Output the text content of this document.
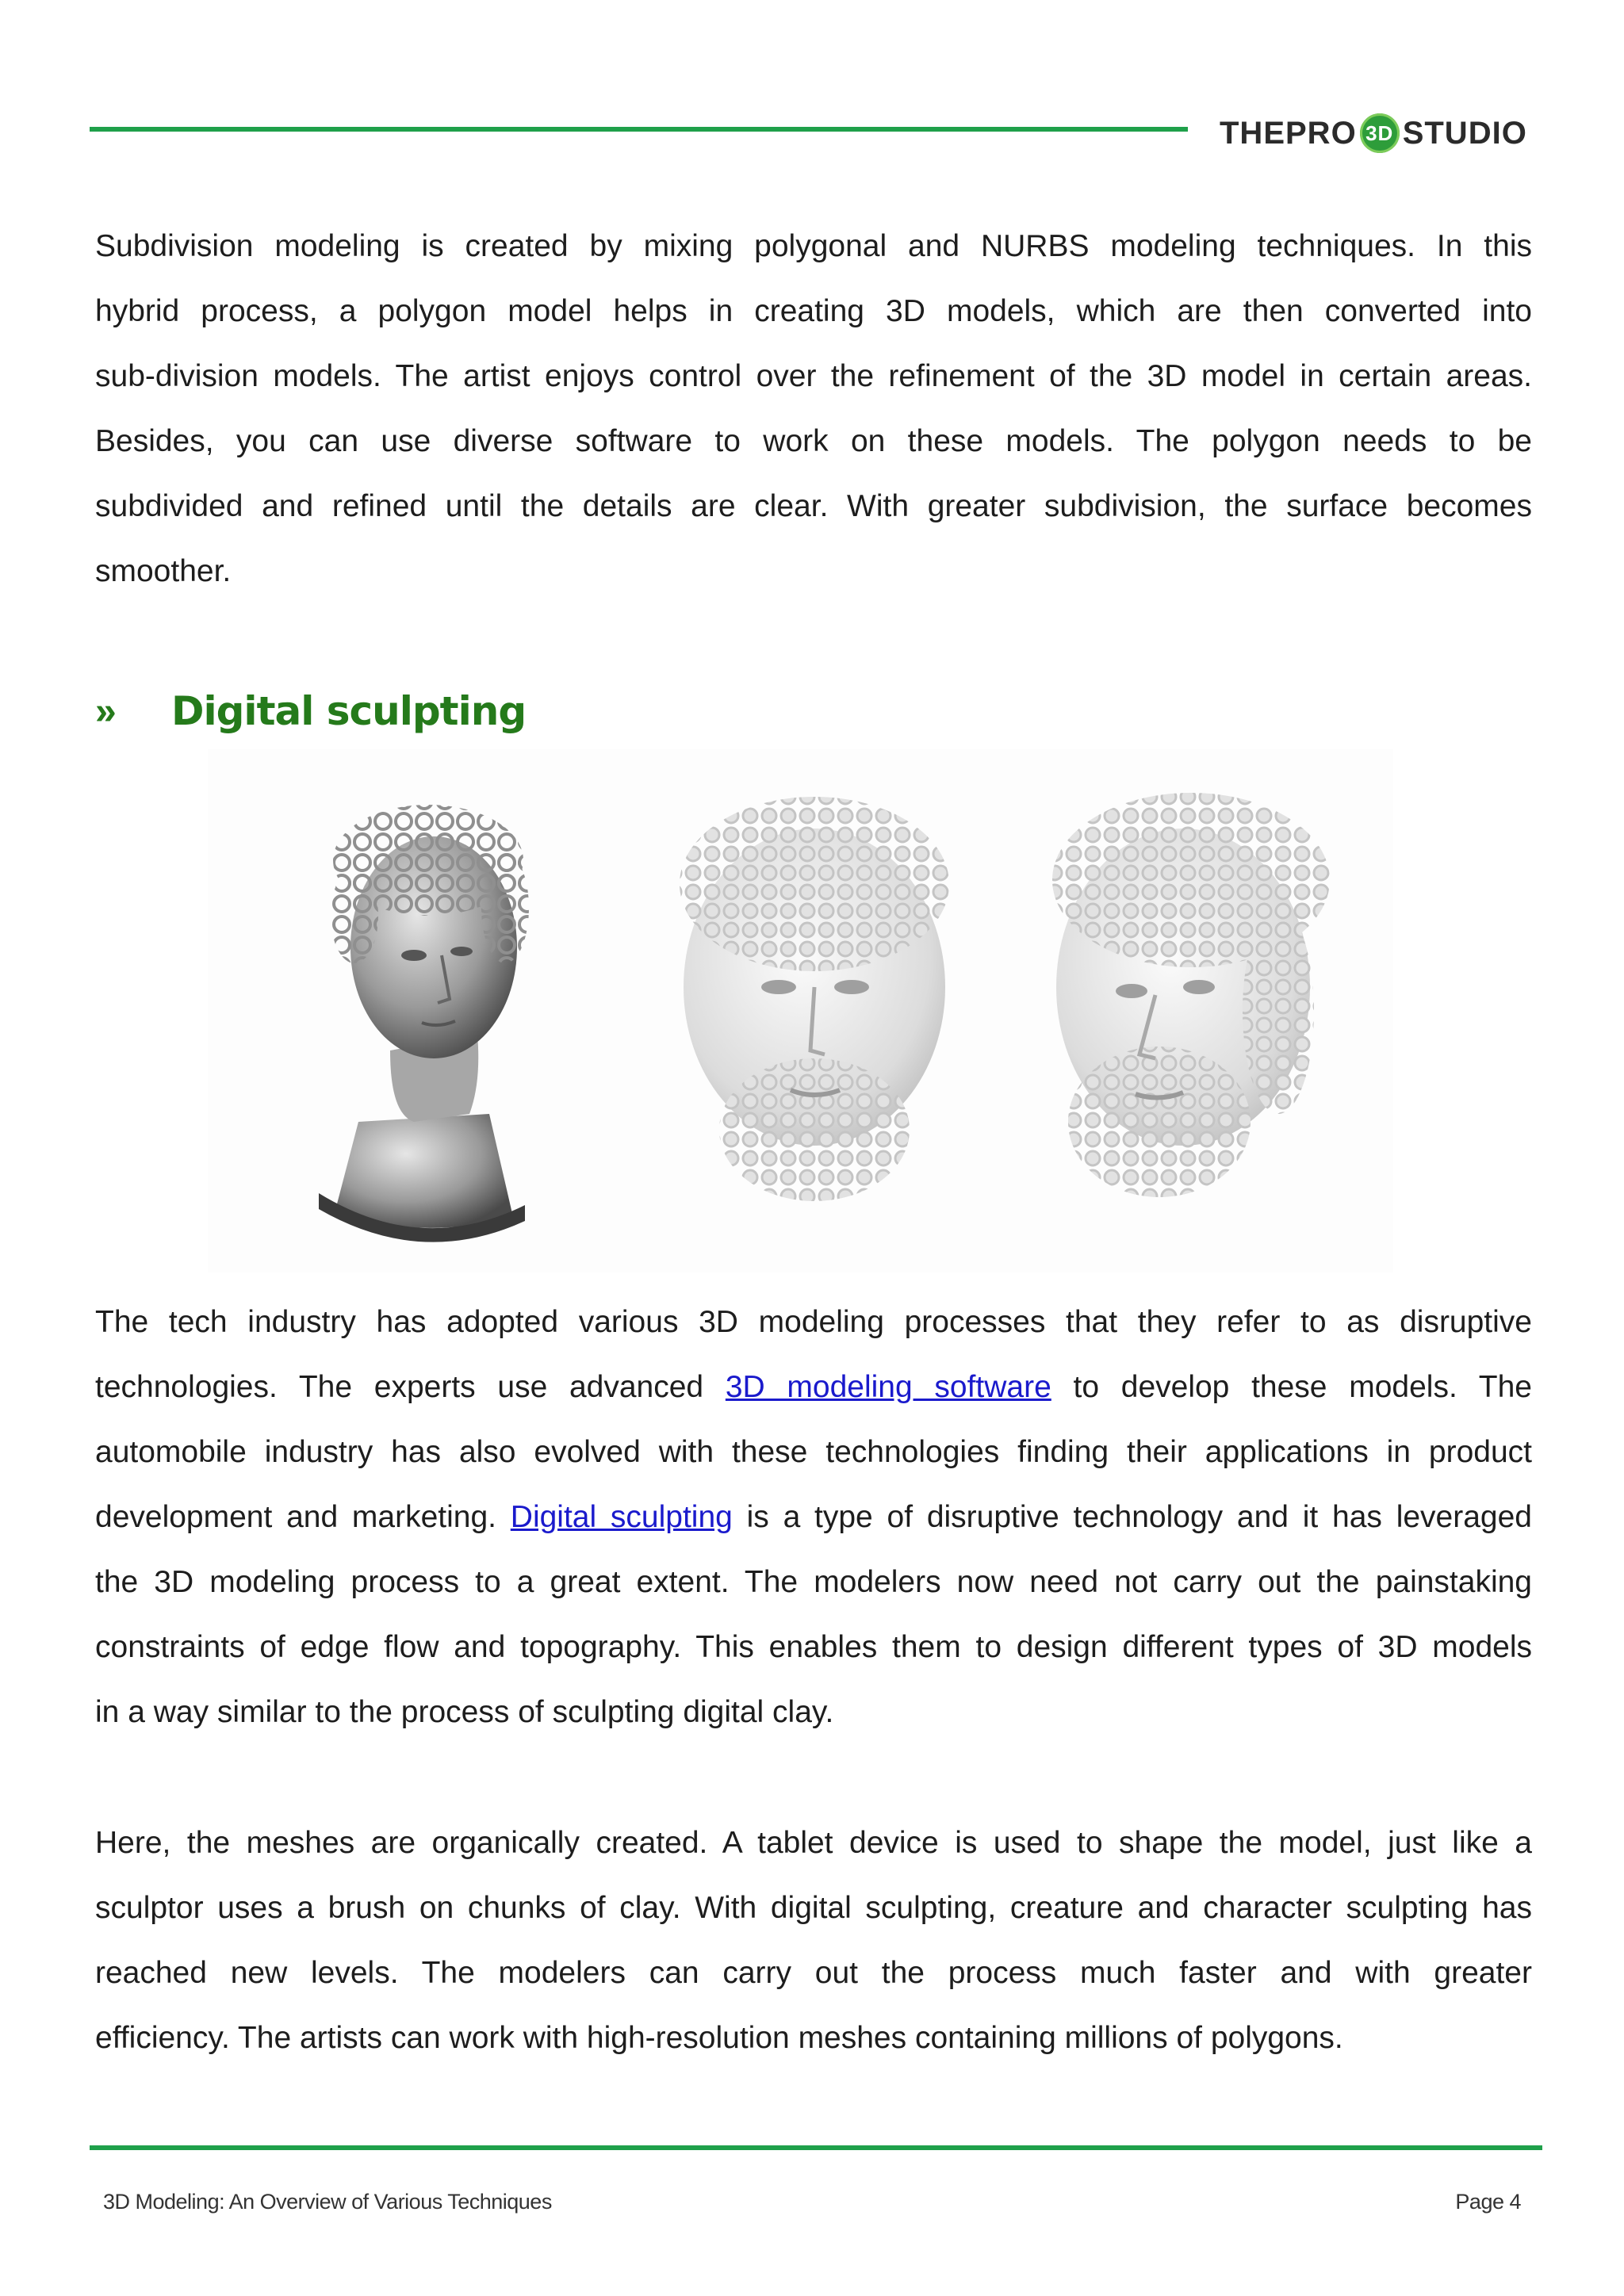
THEPRO 3D STUDIO

Subdivision modeling is created by mixing polygonal and NURBS modeling techniques. In this
hybrid process, a polygon model helps in creating 3D models, which are then converted into
sub-division models. The artist enjoys control over the refinement of the 3D model in certain areas.
Besides, you can use diverse software to work on these models. The polygon needs to be
subdivided and refined until the details are clear. With greater subdivision, the surface becomes
smoother.

»	Digital sculpting

The tech industry has adopted various 3D modeling processes that they refer to as disruptive
technologies. The experts use advanced 3D modeling software to develop these models. The
automobile industry has also evolved with these technologies finding their applications in product
development and marketing. Digital sculpting is a type of disruptive technology and it has leveraged
the 3D modeling process to a great extent. The modelers now need not carry out the painstaking
constraints of edge flow and topography. This enables them to design different types of 3D models
in a way similar to the process of sculpting digital clay.

Here, the meshes are organically created. A tablet device is used to shape the model, just like a
sculptor uses a brush on chunks of clay. With digital sculpting, creature and character sculpting has
reached new levels. The modelers can carry out the process much faster and with greater
efficiency. The artists can work with high-resolution meshes containing millions of polygons.

3D Modeling: An Overview of Various Techniques	Page 4
